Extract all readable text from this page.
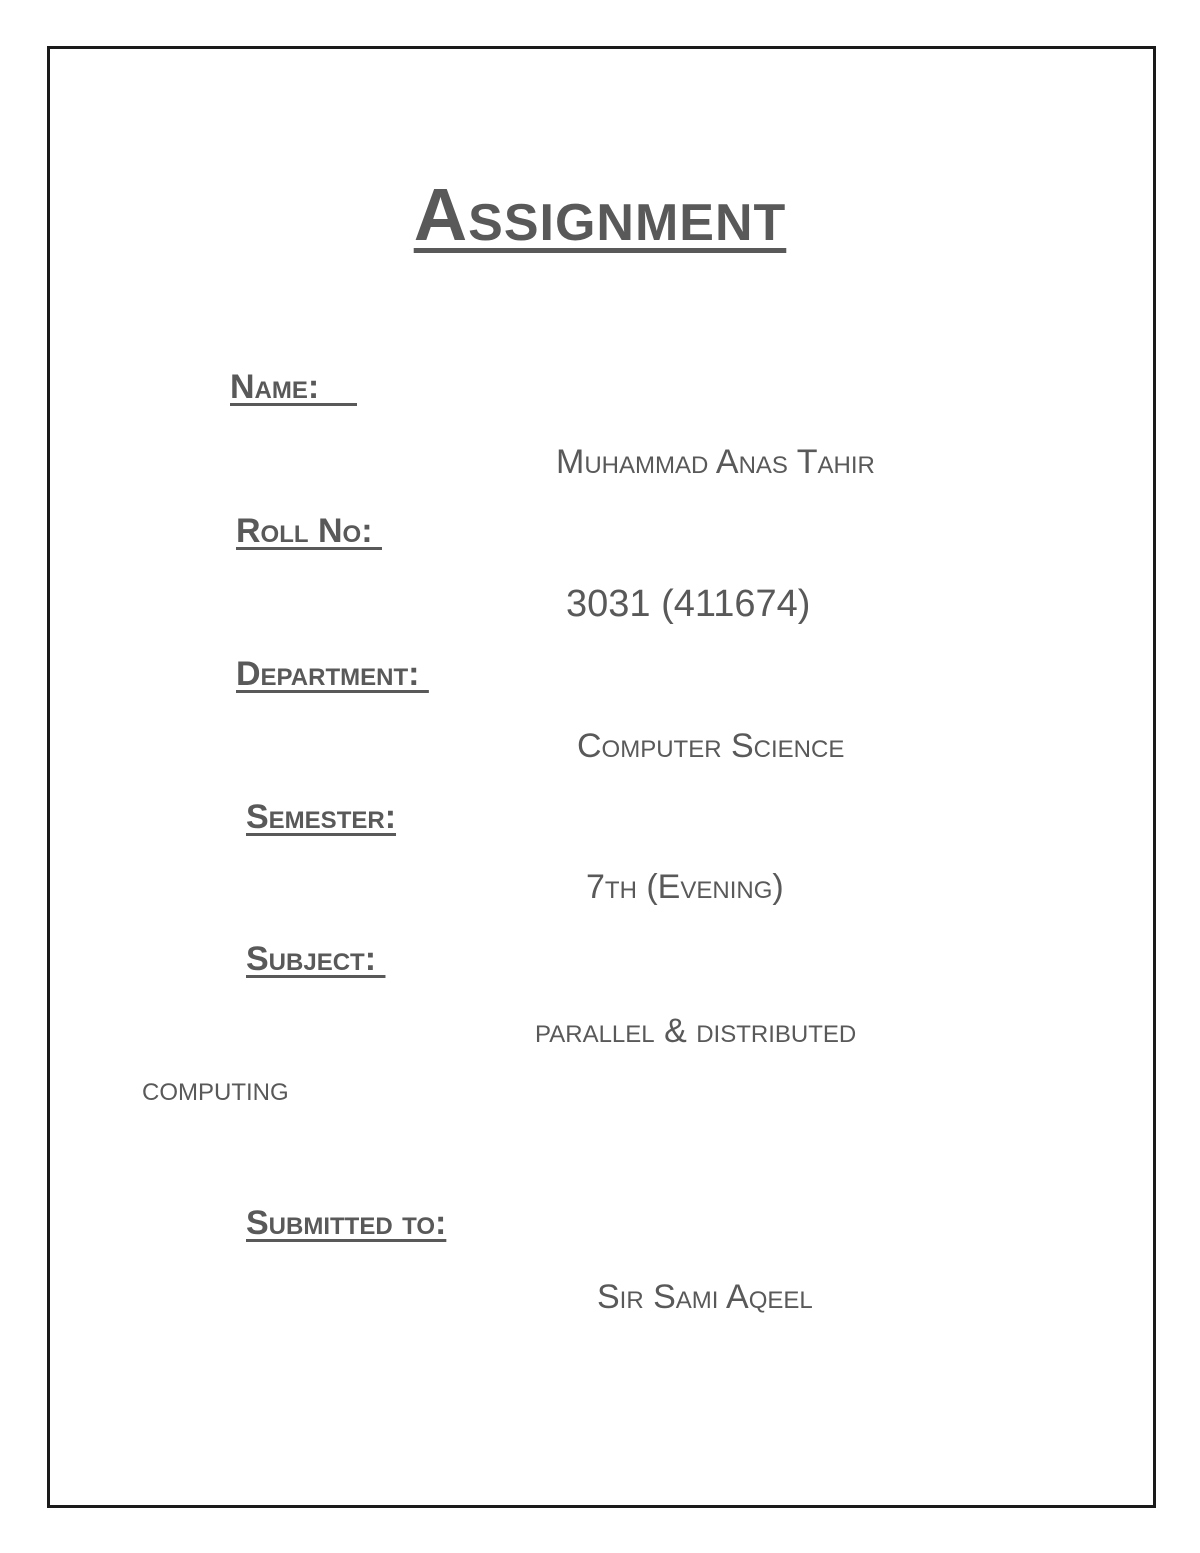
Assignment
Name:
Muhammad Anas Tahir
Roll No:
3031 (411674)
Department:
Computer Science
Semester:
7th (Evening)
Subject:
parallel & distributed
computing
Submitted to:
Sir Sami Aqeel
